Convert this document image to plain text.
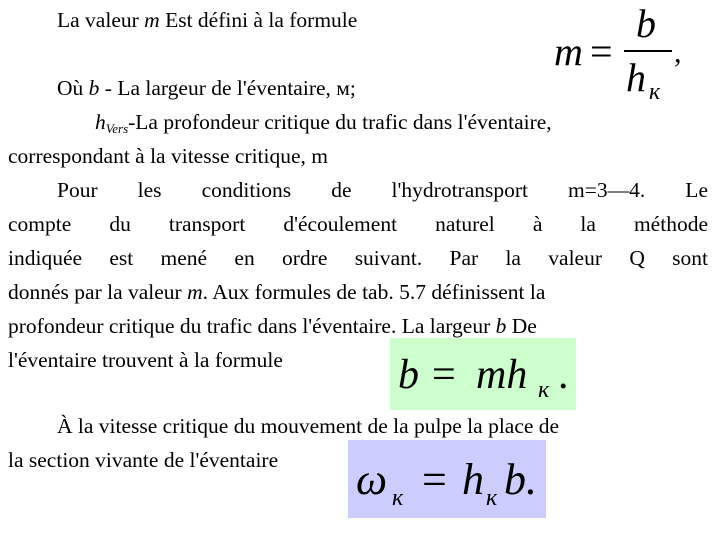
La valeur m Est défini à la formule
m =
b
h к
,
Où b - La largeur de l'éventaire, м;
$h_{Vers}-La$ profondeur critique du trafic dans l'éventaire,
correspondant à la vitesse critique, m
Pour les conditions de l'hydrotransport m=3—4. Le
compte du transport d'écoulement naturel à la méthode
indiquée est mené en ordre suivant. Par la valeur Q sont
donnés par la valeur m. Aux formules de tab. 5.7 définissent la
profondeur critique du trafic dans l'éventaire. La largeur b De
l'éventaire trouvent à la formule	b = mh к .
À la vitesse critique du mouvement de la pulpe la place de
la section vivante de l'éventaire	ω к = h к b.
